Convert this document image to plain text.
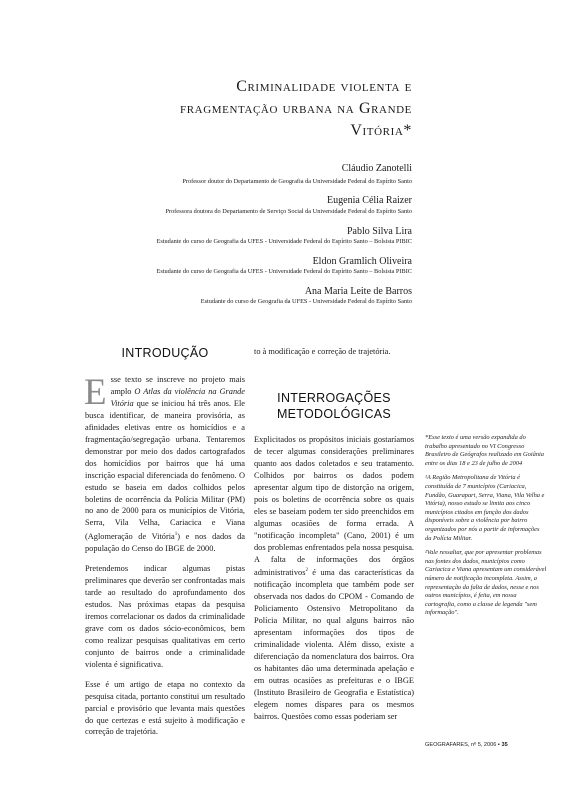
Criminalidade violenta e
fragmentação urbana na Grande
Vitória*
Cláudio Zanotelli
Professor doutor do Departamento de Geografia da Universidade Federal do Espírito Santo
Eugenia Célia Raizer
Professora doutora do Departamento de Serviço Social da Universidade Federal do Espírito Santo
Pablo Silva Lira
Estudante do curso de Geografia da UFES - Universidade Federal do Espírito Santo – Bolsista PIBIC
Eldon Gramlich Oliveira
Estudante do curso de Geografia da UFES - Universidade Federal do Espírito Santo – Bolsista PIBIC
Ana Maria Leite de Barros
Estudante do curso de Geografia da UFES - Universidade Federal do Espírito Santo
INTRODUÇÃO

Esse texto se inscreve no projeto mais amplo O Atlas da violência na Grande Vitória que se iniciou há três anos. Ele busca identificar, de maneira provisória, as afinidades eletivas entre os homicídios e a fragmentação/segregação urbana. Tentaremos demonstrar por meio dos dados cartografados dos homicídios por bairros que há uma inscrição espacial diferenciada do fenômeno. O estudo se baseia em dados colhidos pelos boletins de ocorrência da Polícia Militar (PM) no ano de 2000 para os municípios de Vitória, Serra, Vila Velha, Cariacica e Viana (Aglomeração de Vitória$^1$) e nos dados da população do Censo do IBGE de 2000.

Pretendemos indicar algumas pistas preliminares que deverão ser confrontadas mais tarde ao resultado do aprofundamento dos estudos. Nas próximas etapas da pesquisa iremos correlacionar os dados da criminalidade grave com os dados sócio-econômicos, bem como realizar pesquisas qualitativas em certo conjunto de bairros onde a criminalidade violenta é significativa.

Esse é um artigo de etapa no contexto da pesquisa citada, portanto constitui um resultado parcial e provisório que levanta mais questões do que certezas e está sujeito à modificação e correção de trajetória.

to à modificação e correção de trajetória.
INTERROGAÇÕES
METODOLÓGICAS

Explicitados os propósitos iniciais gostaríamos de tecer algumas considerações preliminares quanto aos dados coletados e seu tratamento. Colhidos por bairros os dados podem apresentar algum tipo de distorção na origem, pois os boletins de ocorrência sobre os quais eles se baseiam podem ter sido preenchidos em algumas ocasiões de forma errada. A "notificação incompleta" (Cano, 2001) é um dos problemas enfrentados pela nossa pesquisa. A falta de informações dos órgãos administrativos$^2$ é uma das características da notificação incompleta que também pode ser observada nos dados do CPOM - Comando de Policiamento Ostensivo Metropolitano da Polícia Militar, no qual alguns bairros não apresentam informações dos tipos de criminalidade violenta. Além disso, existe a diferenciação da nomenclatura dos bairros. Ora os habitantes dão uma determinada apelação e em outras ocasiões as prefeituras e o IBGE (Instituto Brasileiro de Geografia e Estatística) elegem nomes díspares para os mesmos bairros. Questões como essas poderiam ser

*Esse texto é uma versão expandida do trabalho apresentado no VI Congresso Brasileiro de Geógrafos realizado em Goiânia entre os dias 18 e 23 de julho de 2004

¹A Região Metropolitana de Vitória é constituída de 7 municípios (Cariacica, Fundão, Guarapari, Serra, Viana, Vila Velha e Vitória), nosso estudo se limita aos cinco municípios citados em função dos dados disponíveis sobre a violência por bairro organizados por nós a partir de informações da Polícia Militar.

²Vale ressaltar, que por apresentar problemas nas fontes dos dados, municípios como Cariacica e Viana apresentam um considerável número de notificação incompleta. Assim, a representação da falta de dados, nesse e nos outros municípios, é feita, em nossa cartografia, como a classe de legenda "sem informação".

GEOGRAFARES, nº 5, 2006 ▪ 35
